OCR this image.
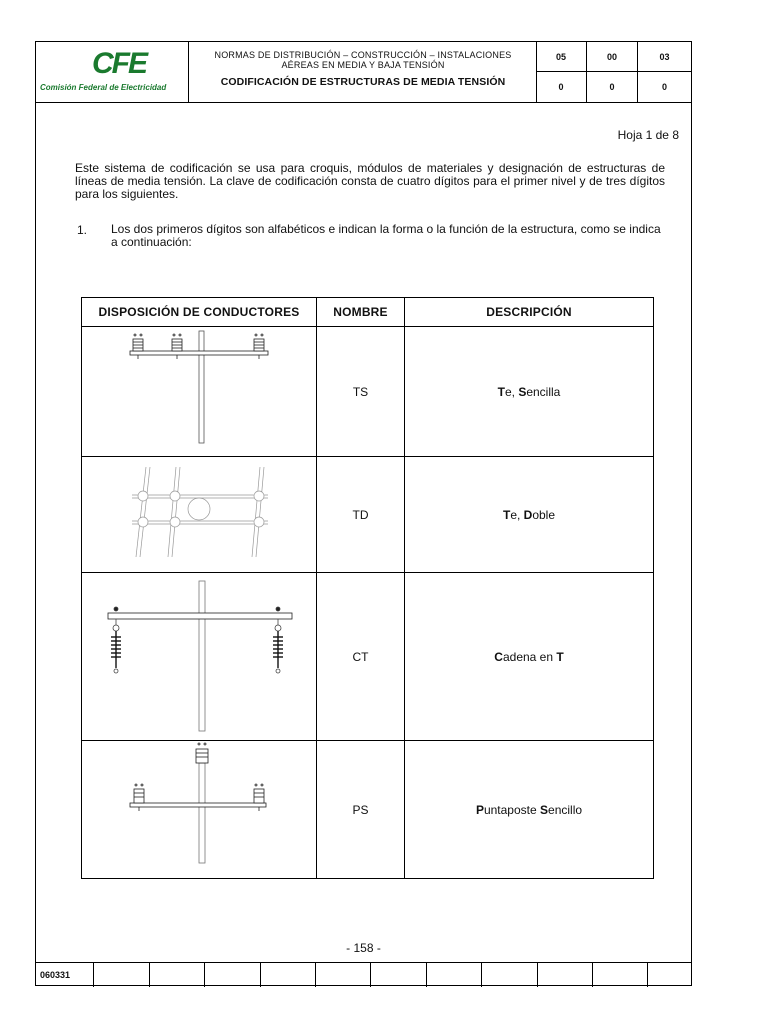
CFE
Comisión Federal de Electricidad
NORMAS DE DISTRIBUCIÓN – CONSTRUCCIÓN – INSTALACIONES
AÉREAS EN MEDIA Y BAJA TENSIÓN
CODIFICACIÓN DE ESTRUCTURAS DE MEDIA TENSIÓN
05	00	03
0	0	0
Hoja 1 de 8
Este sistema de codificación se usa para croquis, módulos de materiales y designación de estructuras de líneas de media tensión. La clave de codificación consta de cuatro dígitos para el primer nivel y de tres dígitos para los siguientes.
1. Los dos primeros dígitos son alfabéticos e indican la forma o la función de la estructura, como se indica a continuación:
DISPOSICIÓN DE CONDUCTORES	NOMBRE	DESCRIPCIÓN
	TS	Te, Sencilla
	TD	Te, Doble
	CT	Cadena en T
	PS	Puntaposte Sencillo
- 158 -
060331
